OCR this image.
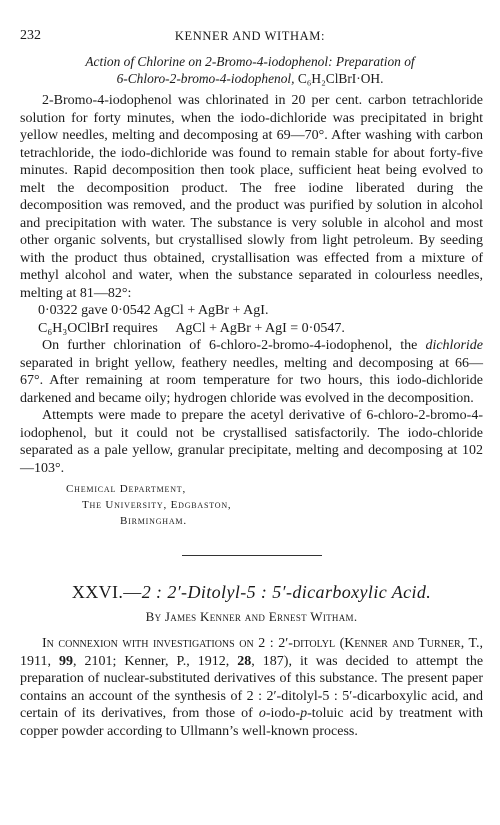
232	KENNER AND WITHAM:
Action of Chlorine on 2-Bromo-4-iodophenol: Preparation of
6-Chloro-2-bromo-4-iodophenol, C₆H₂ClBrI·OH.

2-Bromo-4-iodophenol was chlorinated in 20 per cent. carbon tetrachloride solution for forty minutes, when the iodo-dichloride was precipitated in bright yellow needles, melting and decomposing at 69—70°. After washing with carbon tetrachloride, the iodo-dichloride was found to remain stable for about forty-five minutes. Rapid decomposition then took place, sufficient heat being evolved to melt the decomposition product. The free iodine liberated during the decomposition was removed, and the product was purified by solution in alcohol and precipitation with water. The substance is very soluble in alcohol and most other organic solvents, but crystallised slowly from light petroleum. By seeding with the product thus obtained, crystallisation was effected from a mixture of methyl alcohol and water, when the substance separated in colourless needles, melting at 81—82°:

0·0322 gave 0·0542 AgCl + AgBr + AgI.

C₆H₃OClBrI requires AgCl + AgBr + AgI = 0·0547.

On further chlorination of 6-chloro-2-bromo-4-iodophenol, the dichloride separated in bright yellow, feathery needles, melting and decomposing at 66—67°. After remaining at room temperature for two hours, this iodo-dichloride darkened and became oily; hydrogen chloride was evolved in the decomposition.

Attempts were made to prepare the acetyl derivative of 6-chloro-2-bromo-4-iodophenol, but it could not be crystallised satisfactorily. The iodo-chloride separated as a pale yellow, granular precipitate, melting and decomposing at 102—103°.

Chemical Department,
The University, Edgbaston,
Birmingham.
XXVI.—2 : 2′-Ditolyl-5 : 5′-dicarboxylic Acid.
By James Kenner and Ernest Witham.

In connexion with investigations on 2 : 2′-ditolyl (Kenner and Turner, T., 1911, 99, 2101; Kenner, P., 1912, 28, 187), it was decided to attempt the preparation of nuclear-substituted derivatives of this substance. The present paper contains an account of the synthesis of 2 : 2′-ditolyl-5 : 5′-dicarboxylic acid, and certain of its derivatives, from those of o-iodo-p-toluic acid by treatment with copper powder according to Ullmann’s well-known process.
